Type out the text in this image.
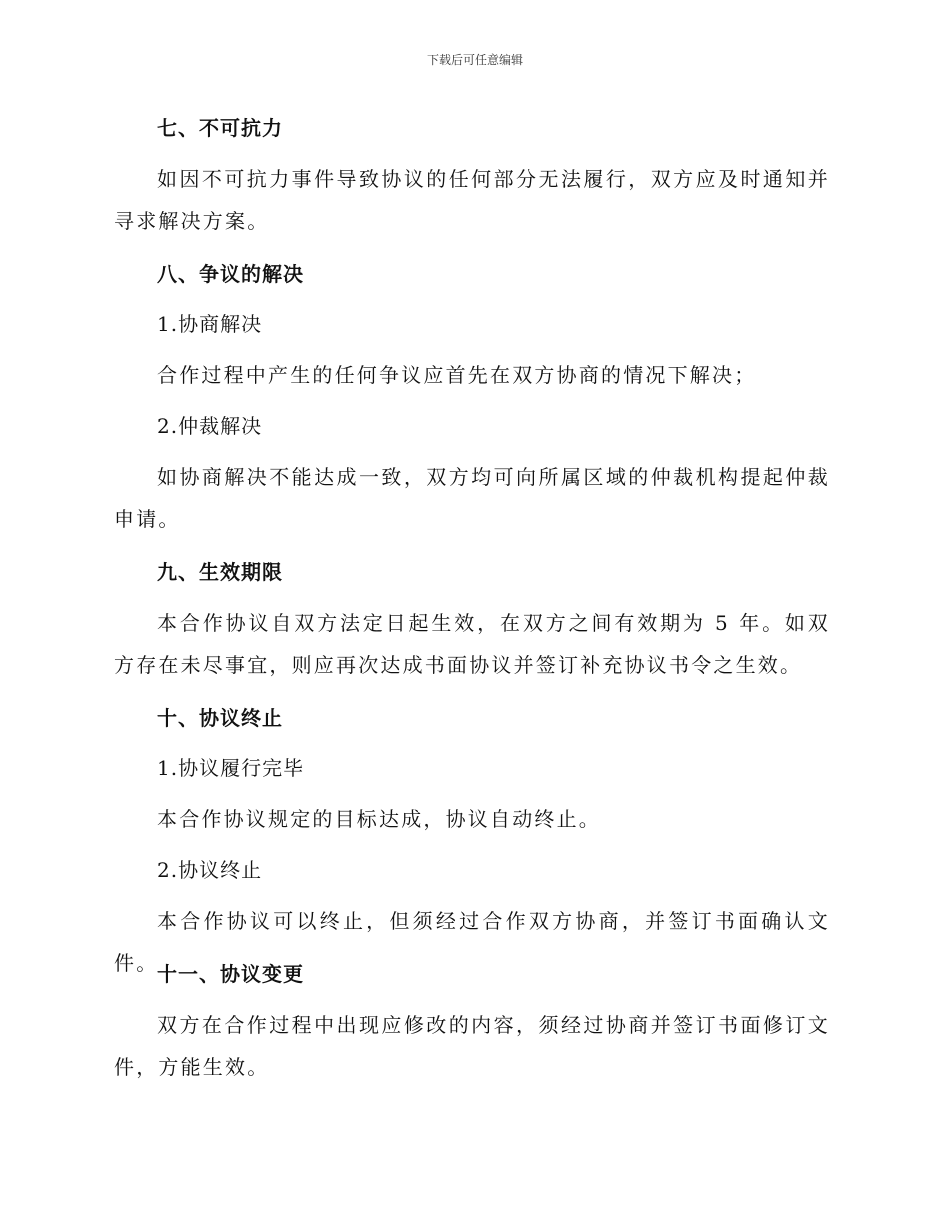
下载后可任意编辑
七、不可抗力

如因不可抗力事件导致协议的任何部分无法履行，双方应及时通知并寻求解决方案。

八、争议的解决
1.协商解决

合作过程中产生的任何争议应首先在双方协商的情况下解决；

2.仲裁解决

如协商解决不能达成一致，双方均可向所属区域的仲裁机构提起仲裁申请。

九、生效期限

本合作协议自双方法定日起生效，在双方之间有效期为 5 年。如双方存在未尽事宜，则应再次达成书面协议并签订补充协议书令之生效。

十、协议终止
1.协议履行完毕

本合作协议规定的目标达成，协议自动终止。

2.协议终止

本合作协议可以终止，但须经过合作双方协商，并签订书面确认文件。

十一、协议变更

双方在合作过程中出现应修改的内容，须经过协商并签订书面修订文件，方能生效。
